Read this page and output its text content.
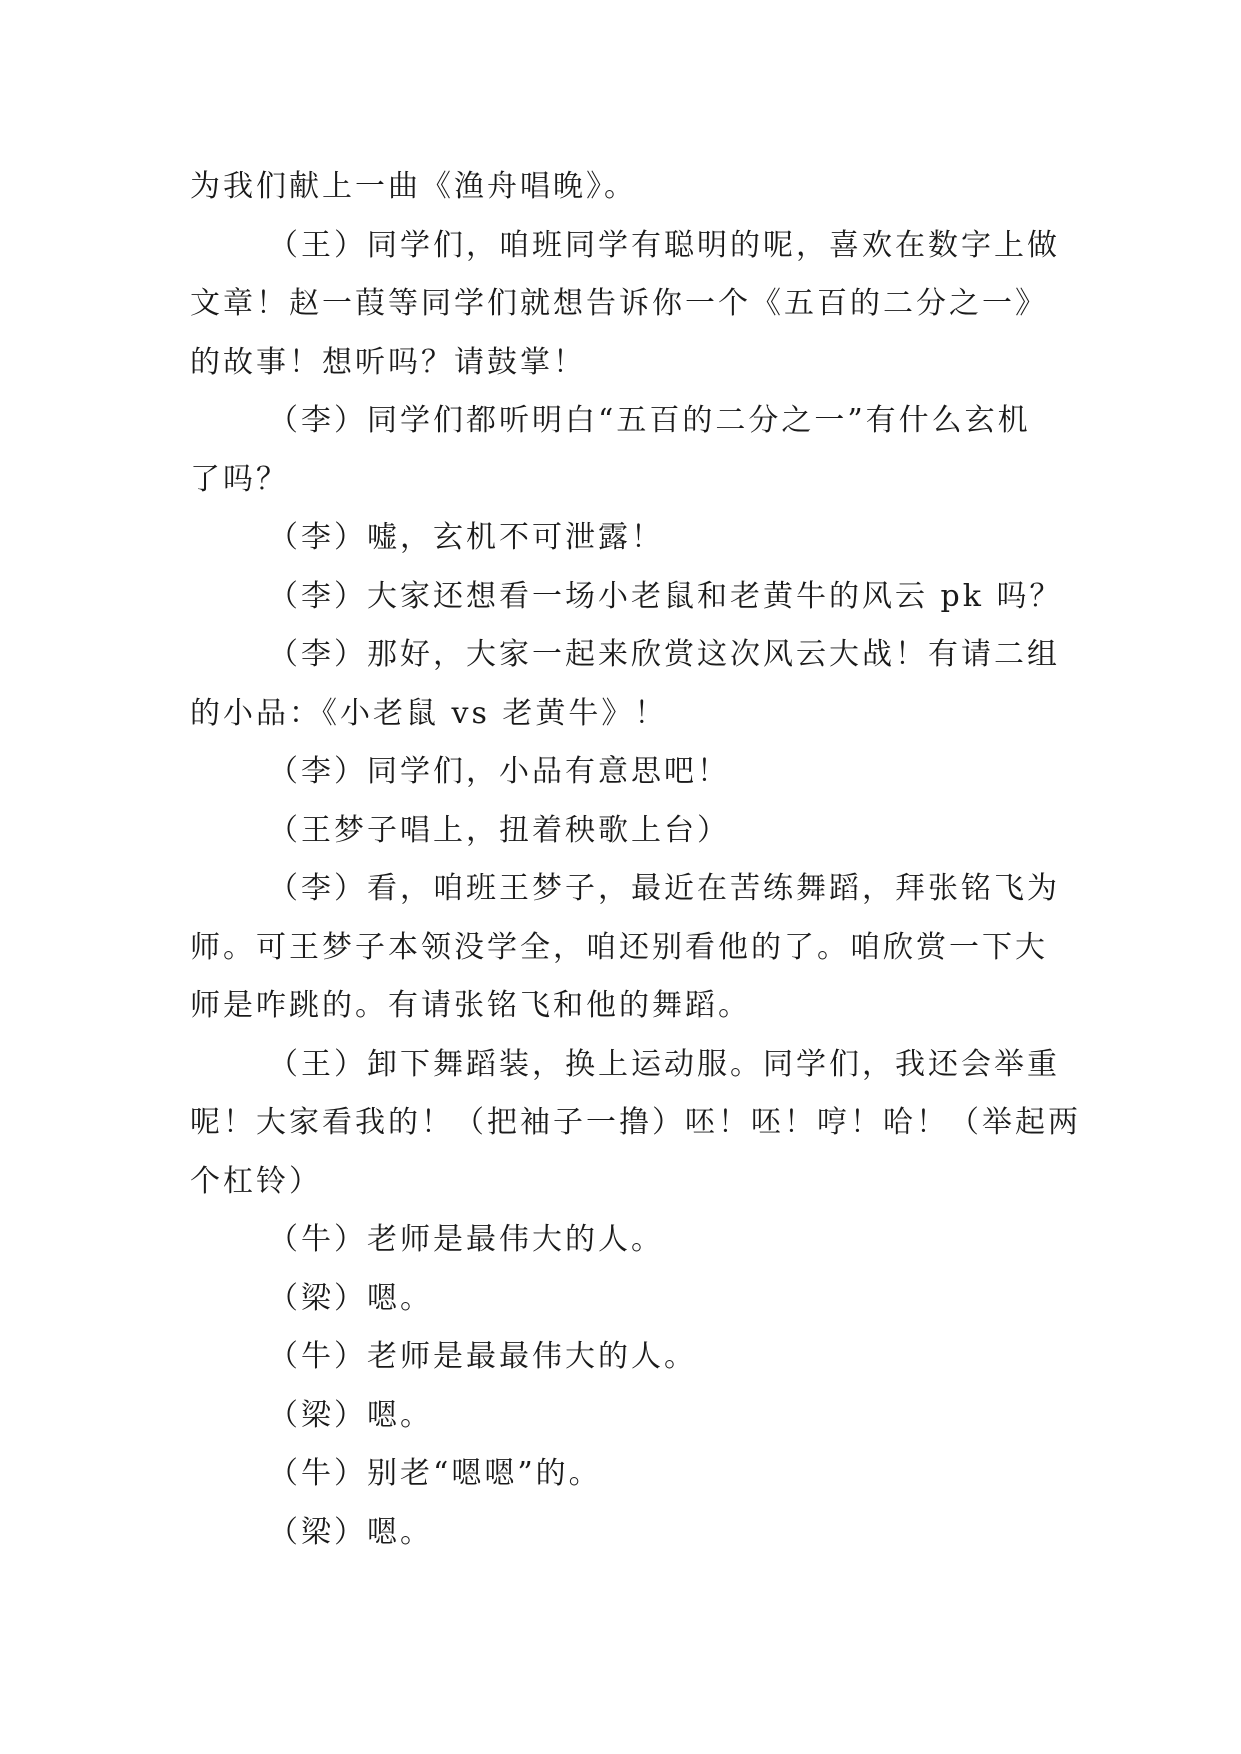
为我们献上一曲《渔舟唱晚》。
（王）同学们，咱班同学有聪明的呢，喜欢在数字上做
文章！赵一葭等同学们就想告诉你一个《五百的二分之一》
的故事！想听吗？请鼓掌！
（李）同学们都听明白“五百的二分之一”有什么玄机
了吗？
（李）嘘，玄机不可泄露！
（李）大家还想看一场小老鼠和老黄牛的风云 pk 吗？
（李）那好，大家一起来欣赏这次风云大战！有请二组
的小品：《小老鼠 vs 老黄牛》！
（李）同学们，小品有意思吧！
（王梦子唱上，扭着秧歌上台）
（李）看，咱班王梦子，最近在苦练舞蹈，拜张铭飞为
师。可王梦子本领没学全，咱还别看他的了。咱欣赏一下大
师是咋跳的。有请张铭飞和他的舞蹈。
（王）卸下舞蹈装，换上运动服。同学们，我还会举重
呢！大家看我的！（把袖子一撸）呸！呸！哼！哈！（举起两
个杠铃）
（牛）老师是最伟大的人。
（梁）嗯。
（牛）老师是最最伟大的人。
（梁）嗯。
（牛）别老“嗯嗯”的。
（梁）嗯。
